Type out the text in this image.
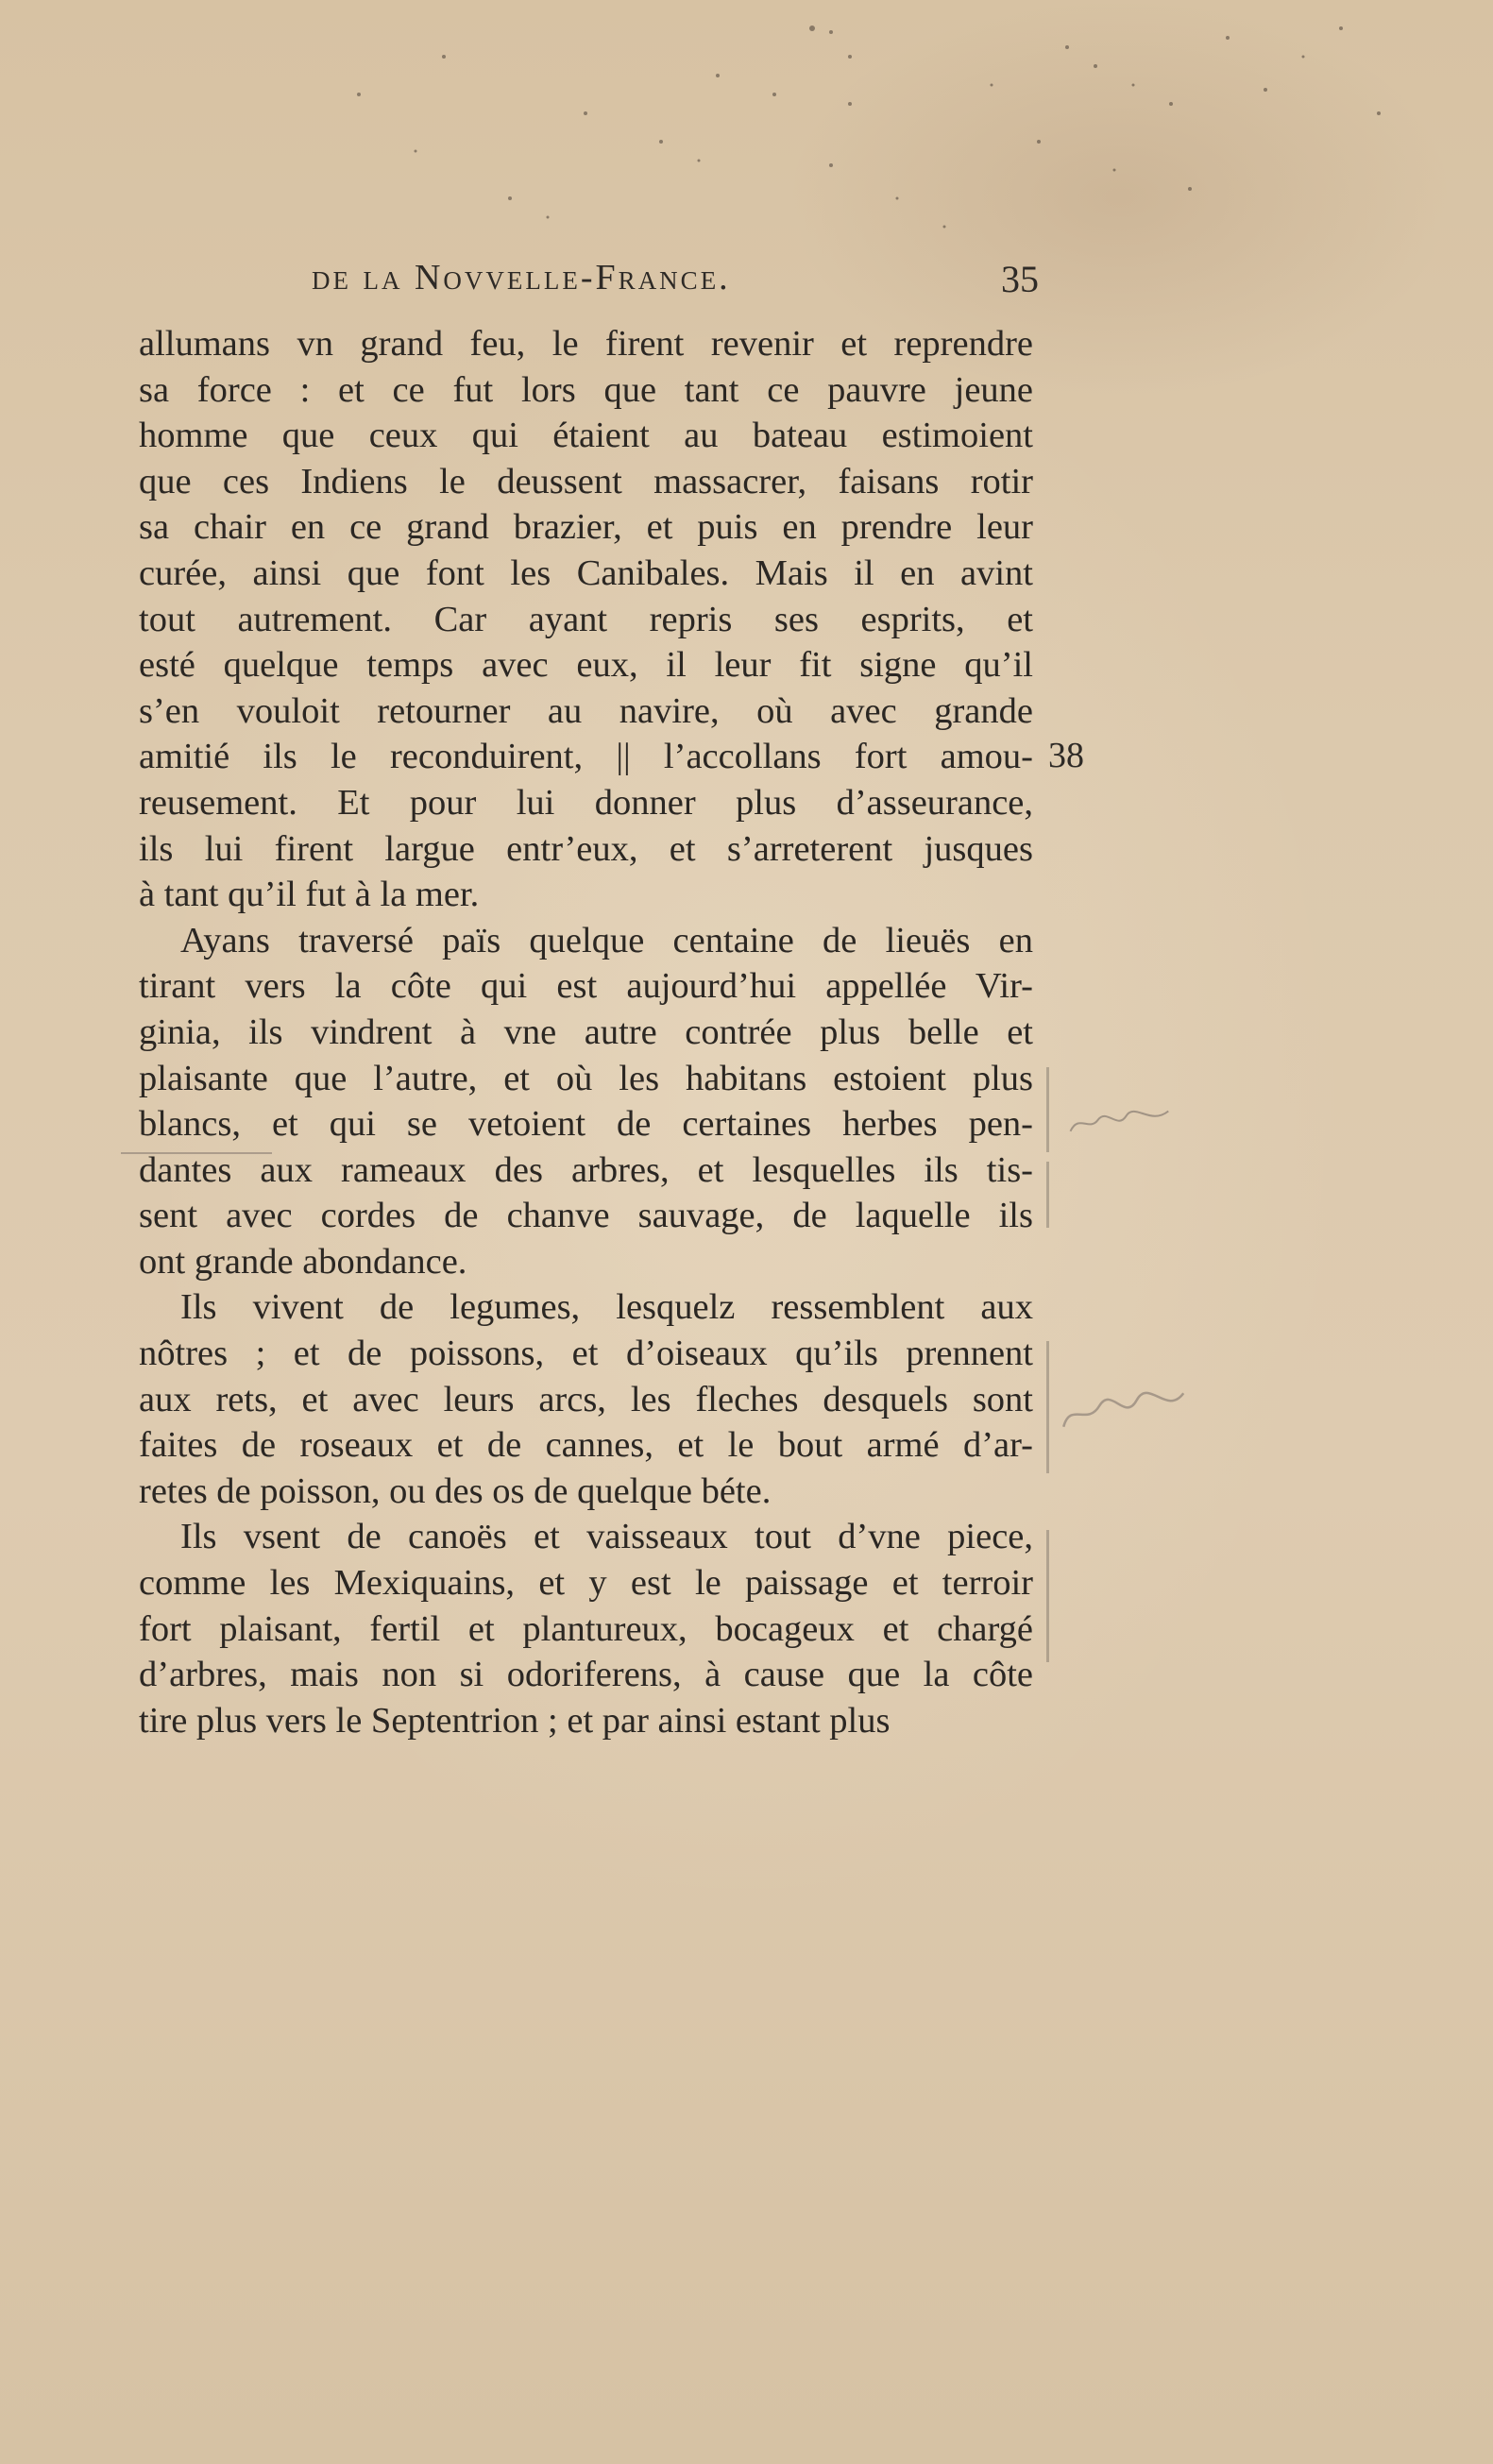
de la Novvelle-France.	35
allumans vn grand feu, le firent revenir et reprendre
sa force : et ce fut lors que tant ce pauvre jeune
homme que ceux qui étaient au bateau estimoient
que ces Indiens le deussent massacrer, faisans rotir
sa chair en ce grand brazier, et puis en prendre leur
curée, ainsi que font les Canibales. Mais il en avint
tout autrement. Car ayant repris ses esprits, et
esté quelque temps avec eux, il leur fit signe qu’il
s’en vouloit retourner au navire, où avec grande
amitié ils le reconduirent, || l’accollans fort amou-
reusement. Et pour lui donner plus d’asseurance,
ils lui firent largue entr’eux, et s’arreterent jusques
à tant qu’il fut à la mer.
Ayans traversé païs quelque centaine de lieuës en
tirant vers la côte qui est aujourd’hui appellée Vir-
ginia, ils vindrent à vne autre contrée plus belle et
plaisante que l’autre, et où les habitans estoient plus
blancs, et qui se vetoient de certaines herbes pen-
dantes aux rameaux des arbres, et lesquelles ils tis-
sent avec cordes de chanve sauvage, de laquelle ils
ont grande abondance.
Ils vivent de legumes, lesquelz ressemblent aux
nôtres ; et de poissons, et d’oiseaux qu’ils prennent
aux rets, et avec leurs arcs, les fleches desquels sont
faites de roseaux et de cannes, et le bout armé d’ar-
retes de poisson, ou des os de quelque béte.
Ils vsent de canoës et vaisseaux tout d’vne piece,
comme les Mexiquains, et y est le paissage et terroir
fort plaisant, fertil et plantureux, bocageux et chargé
d’arbres, mais non si odoriferens, à cause que la côte
tire plus vers le Septentrion ; et par ainsi estant plus
38
